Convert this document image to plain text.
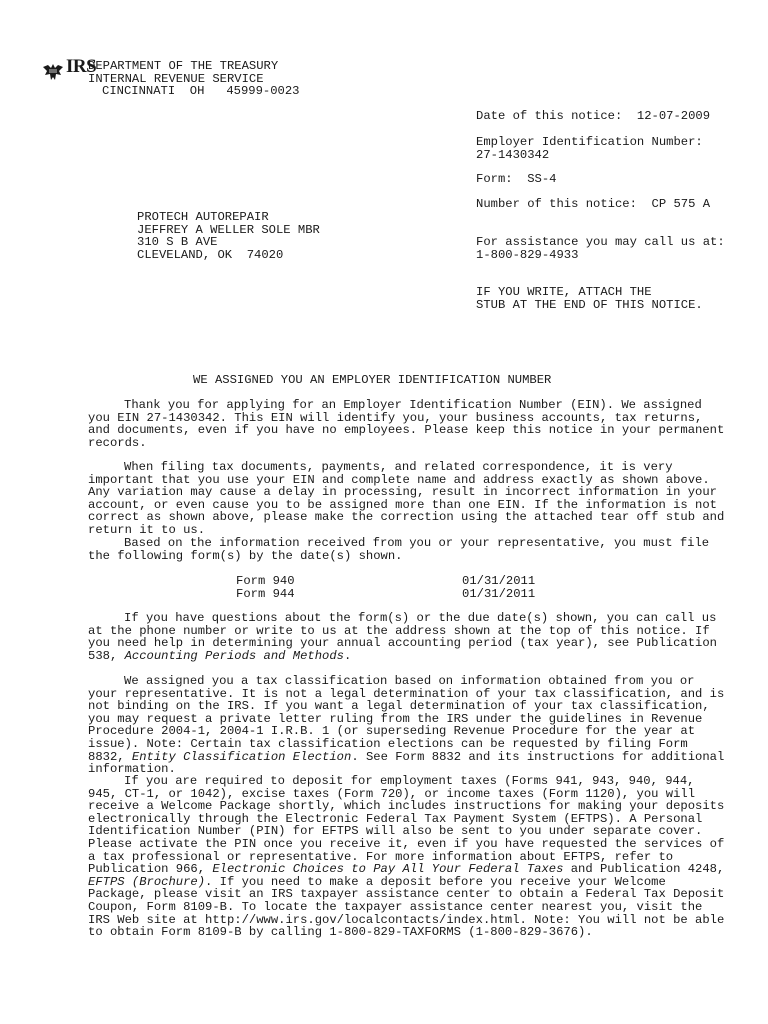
IRS
DEPARTMENT OF THE TREASURY
INTERNAL REVENUE SERVICE
CINCINNATI  OH   45999-0023
Date of this notice:  12-07-2009
Employer Identification Number:
27-1430342
Form:  SS-4
Number of this notice:  CP 575 A
For assistance you may call us at:
1-800-829-4933
IF YOU WRITE, ATTACH THE
STUB AT THE END OF THIS NOTICE.
PROTECH AUTOREPAIR
JEFFREY A WELLER SOLE MBR
310 S B AVE
CLEVELAND, OK  74020
WE ASSIGNED YOU AN EMPLOYER IDENTIFICATION NUMBER

Thank you for applying for an Employer Identification Number (EIN). We assigned you EIN 27-1430342. This EIN will identify you, your business accounts, tax returns, and documents, even if you have no employees. Please keep this notice in your permanent records.

When filing tax documents, payments, and related correspondence, it is very important that you use your EIN and complete name and address exactly as shown above. Any variation may cause a delay in processing, result in incorrect information in your account, or even cause you to be assigned more than one EIN. If the information is not correct as shown above, please make the correction using the attached tear off stub and return it to us.

Based on the information received from you or your representative, you must file the following form(s) by the date(s) shown.

Form 940	01/31/2011
Form 944	01/31/2011

If you have questions about the form(s) or the due date(s) shown, you can call us at the phone number or write to us at the address shown at the top of this notice. If you need help in determining your annual accounting period (tax year), see Publication 538, Accounting Periods and Methods.

We assigned you a tax classification based on information obtained from you or your representative. It is not a legal determination of your tax classification, and is not binding on the IRS. If you want a legal determination of your tax classification, you may request a private letter ruling from the IRS under the guidelines in Revenue Procedure 2004-1, 2004-1 I.R.B. 1 (or superseding Revenue Procedure for the year at issue). Note: Certain tax classification elections can be requested by filing Form 8832, Entity Classification Election. See Form 8832 and its instructions for additional information.

If you are required to deposit for employment taxes (Forms 941, 943, 940, 944, 945, CT-1, or 1042), excise taxes (Form 720), or income taxes (Form 1120), you will receive a Welcome Package shortly, which includes instructions for making your deposits electronically through the Electronic Federal Tax Payment System (EFTPS). A Personal Identification Number (PIN) for EFTPS will also be sent to you under separate cover. Please activate the PIN once you receive it, even if you have requested the services of a tax professional or representative. For more information about EFTPS, refer to Publication 966, Electronic Choices to Pay All Your Federal Taxes and Publication 4248, EFTPS (Brochure). If you need to make a deposit before you receive your Welcome Package, please visit an IRS taxpayer assistance center to obtain a Federal Tax Deposit Coupon, Form 8109-B. To locate the taxpayer assistance center nearest you, visit the IRS Web site at http://www.irs.gov/localcontacts/index.html. Note: You will not be able to obtain Form 8109-B by calling 1-800-829-TAXFORMS (1-800-829-3676).
